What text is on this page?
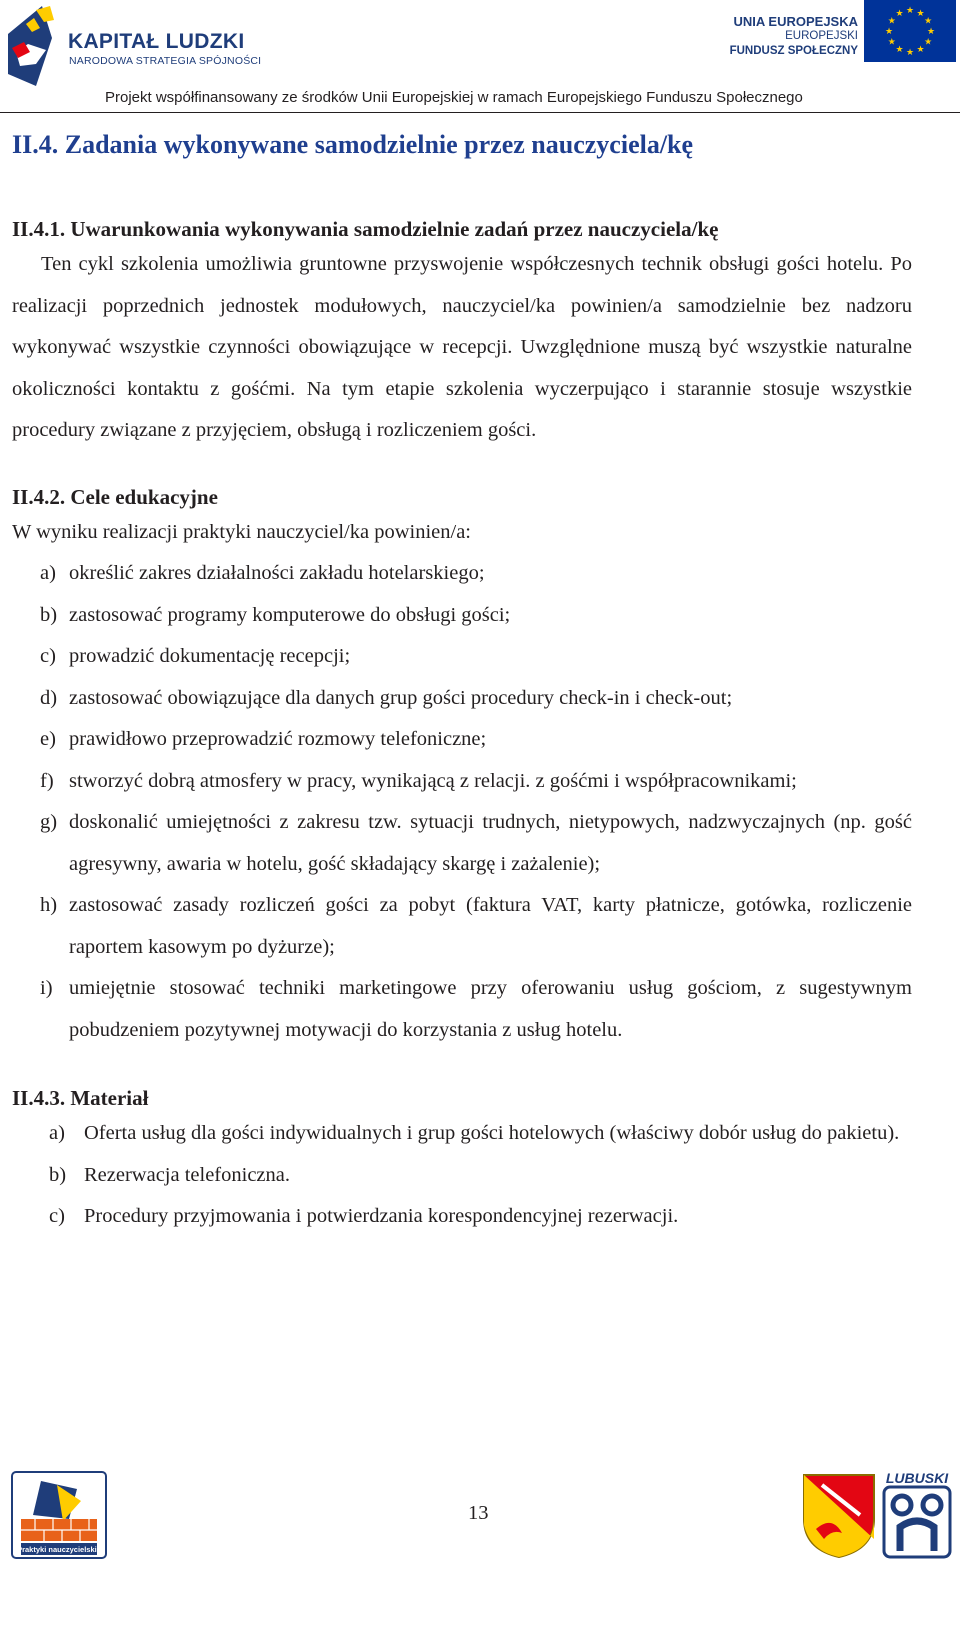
KAPITAŁ LUDZKI
NARODOWA STRATEGIA SPÓJNOŚCI
UNIA EUROPEJSKA
EUROPEJSKI
FUNDUSZ SPOŁECZNY
★ ★
★
★
★
★
★
★
★
★
★
★
Projekt współfinansowany ze środków Unii Europejskiej w ramach Europejskiego Funduszu Społecznego
II.4. Zadania wykonywane samodzielnie przez nauczyciela/kę
II.4.1. Uwarunkowania wykonywania samodzielnie zadań przez nauczyciela/kę

Ten cykl szkolenia umożliwia gruntowne przyswojenie współczesnych technik obsługi gości hotelu. Po realizacji poprzednich jednostek modułowych, nauczyciel/ka powinien/a samodzielnie bez nadzoru wykonywać wszystkie czynności obowiązujące w recepcji. Uwzględnione muszą być wszystkie naturalne okoliczności kontaktu z gośćmi. Na tym etapie szkolenia wyczerpująco i starannie stosuje wszystkie procedury związane z przyjęciem, obsługą i rozliczeniem gości.

II.4.2. Cele edukacyjne

W wyniku realizacji praktyki nauczyciel/ka powinien/a:

a) określić zakres działalności zakładu hotelarskiego;
b) zastosować programy komputerowe do obsługi gości;
c) prowadzić dokumentację recepcji;
d) zastosować obowiązujące dla danych grup gości procedury check-in i check-out;
e) prawidłowo przeprowadzić rozmowy telefoniczne;
f) stworzyć dobrą atmosfery w pracy, wynikającą z relacji. z gośćmi i współpracownikami;
g) doskonalić umiejętności z zakresu tzw. sytuacji trudnych, nietypowych, nadzwyczajnych (np. gość agresywny, awaria w hotelu, gość składający skargę i zażalenie);
h) zastosować zasady rozliczeń gości za pobyt (faktura VAT, karty płatnicze, gotówka, rozliczenie raportem kasowym po dyżurze);
i) umiejętnie stosować techniki marketingowe przy oferowaniu usług gościom, z sugestywnym pobudzeniem pozytywnej motywacji do korzystania z usług hotelu.
II.4.3. Materiał
a) Oferta usług dla gości indywidualnych i grup gości hotelowych (właściwy dobór usług do pakietu).
b) Rezerwacja telefoniczna.
c) Procedury przyjmowania i potwierdzania korespondencyjnej rezerwacji.
Praktyki nauczycielskie
13
LUBUSKI
